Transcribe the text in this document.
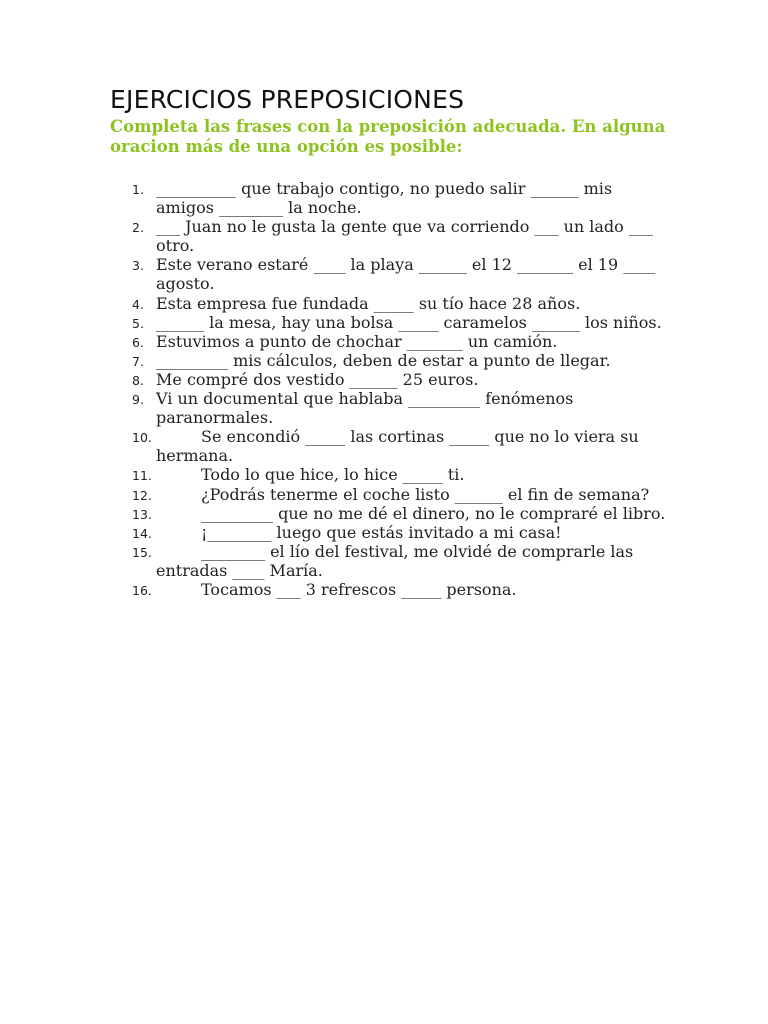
EJERCICIOS PREPOSICIONES

Completa las frases con la preposición adecuada. En alguna oracion más de una opción es posible:

1. __________ que trabajo contigo, no puedo salir ______ mis amigos ________ la noche.
2. ___ Juan no le gusta la gente que va corriendo ___ un lado ___ otro.
3. Este verano estaré ____ la playa ______ el 12 _______ el 19 ____ agosto.
4. Esta empresa fue fundada _____ su tío hace 28 años.
5. ______ la mesa, hay una bolsa _____ caramelos ______ los niños.
6. Estuvimos a punto de chochar _______ un camión.
7. _________ mis cálculos, deben de estar a punto de llegar.
8. Me compré dos vestido ______ 25 euros.
9. Vi un documental que hablaba _________ fenómenos paranormales.
10.	Se encondió _____ las cortinas _____ que no lo viera su hermana.
11.	Todo lo que hice, lo hice _____ ti.
12.	¿Podrás tenerme el coche listo ______ el fin de semana?
13.	_________ que no me dé el dinero, no le compraré el libro.
14.	¡________ luego que estás invitado a mi casa!
15.	________ el lío del festival, me olvidé de comprarle las entradas ____ María.
16.	Tocamos ___ 3 refrescos _____ persona.
